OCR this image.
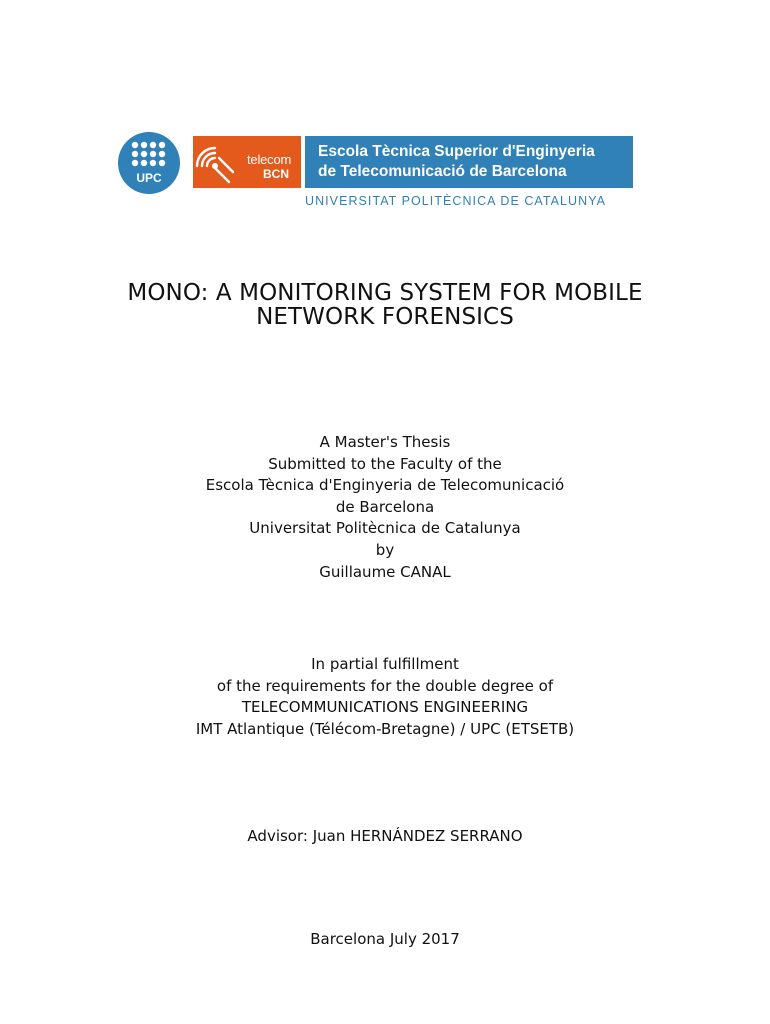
UPC
telecom
BCN
Escola Tècnica Superior d'Enginyeria
de Telecomunicació de Barcelona
UNIVERSITAT POLITÈCNICA DE CATALUNYA
MONO: A MONITORING SYSTEM FOR MOBILE
NETWORK FORENSICS
A Master's Thesis
Submitted to the Faculty of the
Escola Tècnica d'Enginyeria de Telecomunicació
de Barcelona
Universitat Politècnica de Catalunya
by
Guillaume CANAL
In partial fulfillment
of the requirements for the double degree of
TELECOMMUNICATIONS ENGINEERING
IMT Atlantique (Télécom-Bretagne) / UPC (ETSETB)
Advisor: Juan HERNÁNDEZ SERRANO
Barcelona July 2017
